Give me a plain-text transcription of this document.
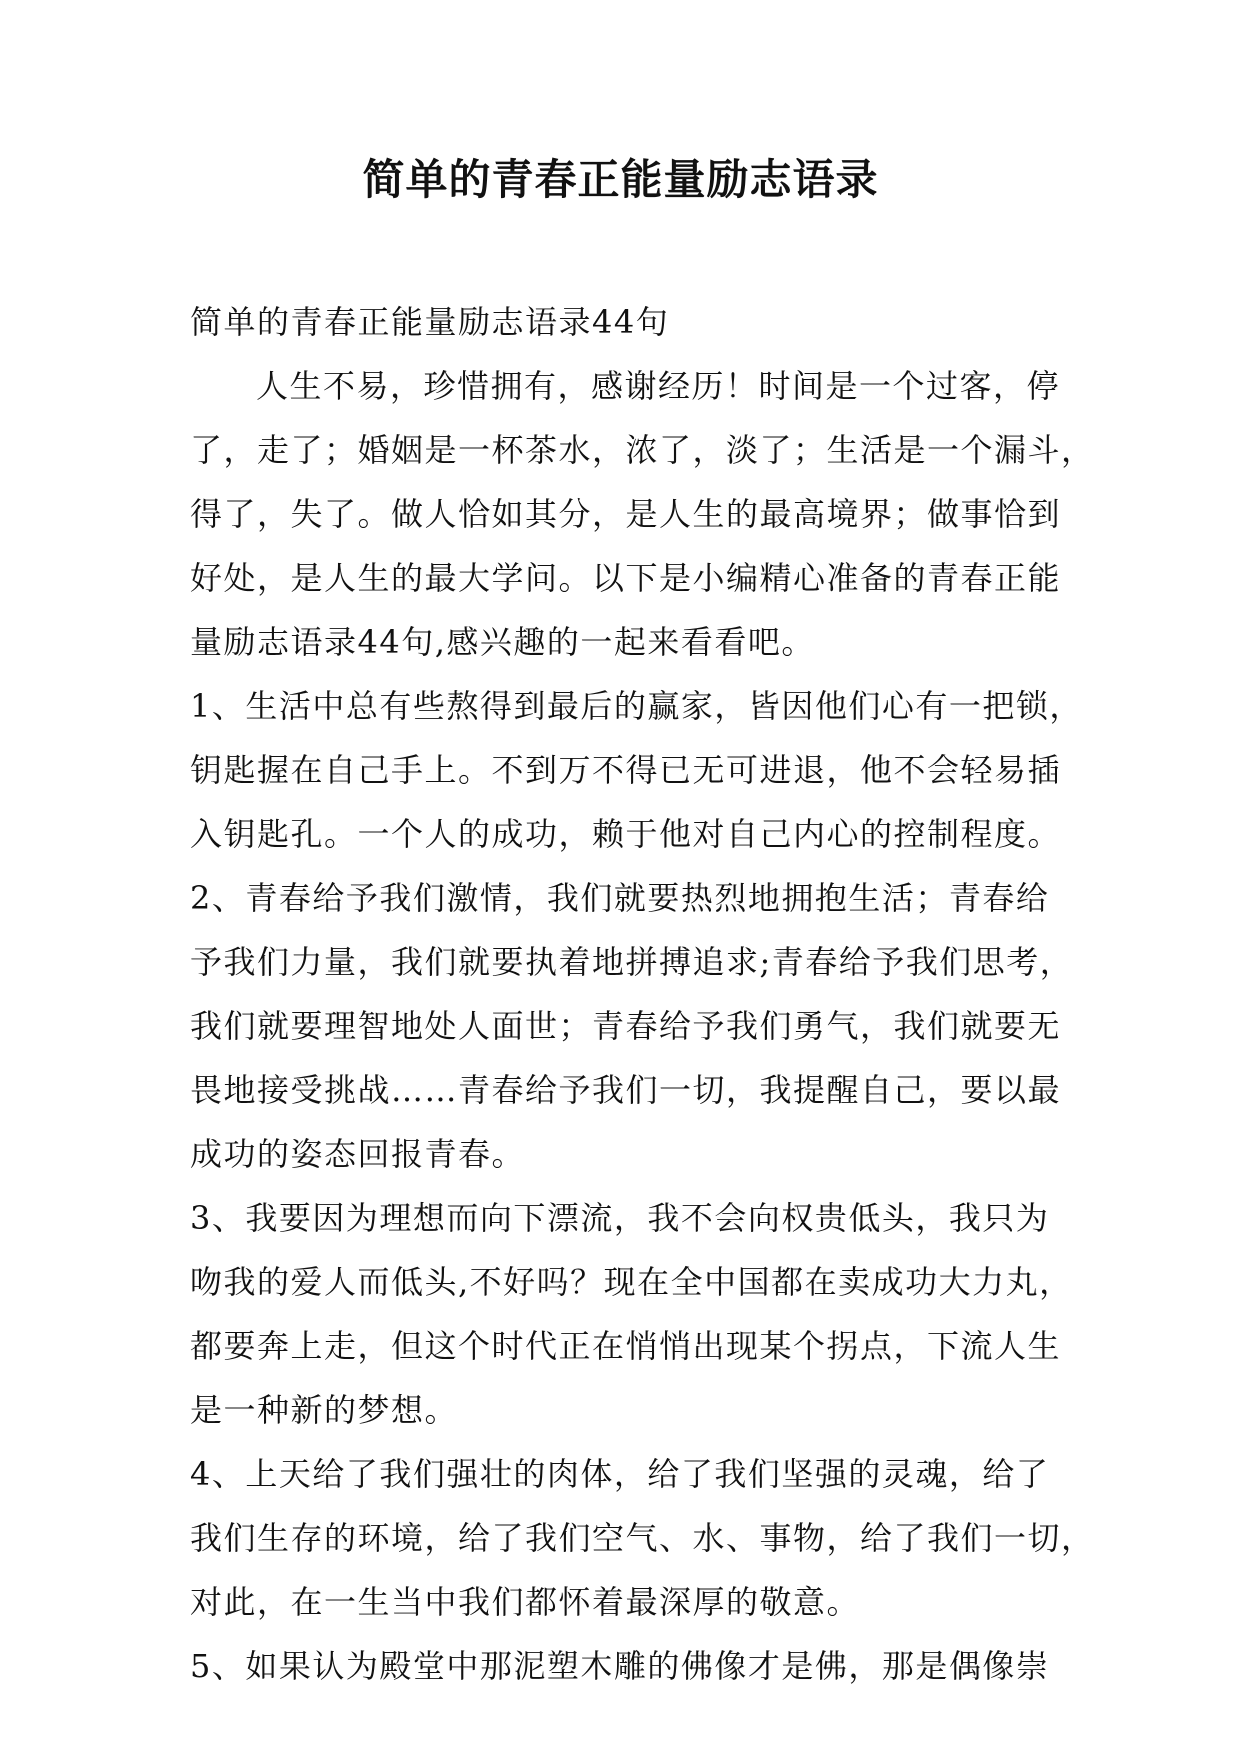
简单的青春正能量励志语录
简单的青春正能量励志语录44句
人生不易，珍惜拥有，感谢经历！时间是一个过客，停
了，走了；婚姻是一杯茶水，浓了，淡了；生活是一个漏斗，
得了，失了。做人恰如其分，是人生的最高境界；做事恰到
好处，是人生的最大学问。以下是小编精心准备的青春正能
量励志语录44句,感兴趣的一起来看看吧。
1、生活中总有些熬得到最后的赢家，皆因他们心有一把锁，
钥匙握在自己手上。不到万不得已无可进退，他不会轻易插
入钥匙孔。一个人的成功，赖于他对自己内心的控制程度。
2、青春给予我们激情，我们就要热烈地拥抱生活；青春给
予我们力量，我们就要执着地拼搏追求;青春给予我们思考，
我们就要理智地处人面世；青春给予我们勇气，我们就要无
畏地接受挑战……青春给予我们一切，我提醒自己，要以最
成功的姿态回报青春。
3、我要因为理想而向下漂流，我不会向权贵低头，我只为
吻我的爱人而低头,不好吗？现在全中国都在卖成功大力丸，
都要奔上走，但这个时代正在悄悄出现某个拐点，下流人生
是一种新的梦想。
4、上天给了我们强壮的肉体，给了我们坚强的灵魂，给了
我们生存的环境，给了我们空气、水、事物，给了我们一切，
对此，在一生当中我们都怀着最深厚的敬意。
5、如果认为殿堂中那泥塑木雕的佛像才是佛，那是偶像崇
